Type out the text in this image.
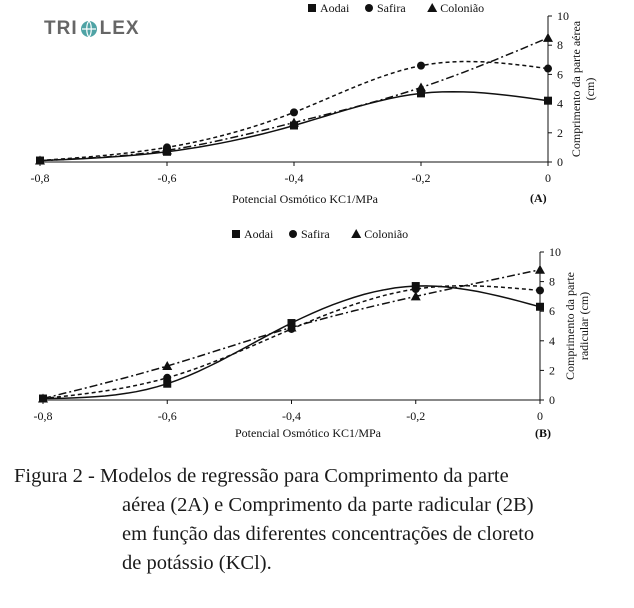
TRI LEX
-0,8	-0,6	-0,4	-0,2	0
0
2
4
6
8
10
Potencial Osmótico KC1/MPa	(A)
Comprimento da parte aérea(cm)
Aodai Safira	Colonião
-0,8	-0,6	-0,4	-0,2	0
0
2
4
6
8
10
Potencial Osmótico KC1/MPa	(B)
Comprimento da parteradicular (cm)
Aodai Safira	Colonião
Figura 2 - Modelos de regressão para Comprimento da parte
aérea (2A) e Comprimento da parte radicular (2B)
em função das diferentes concentrações de cloreto
de potássio (KCl).
